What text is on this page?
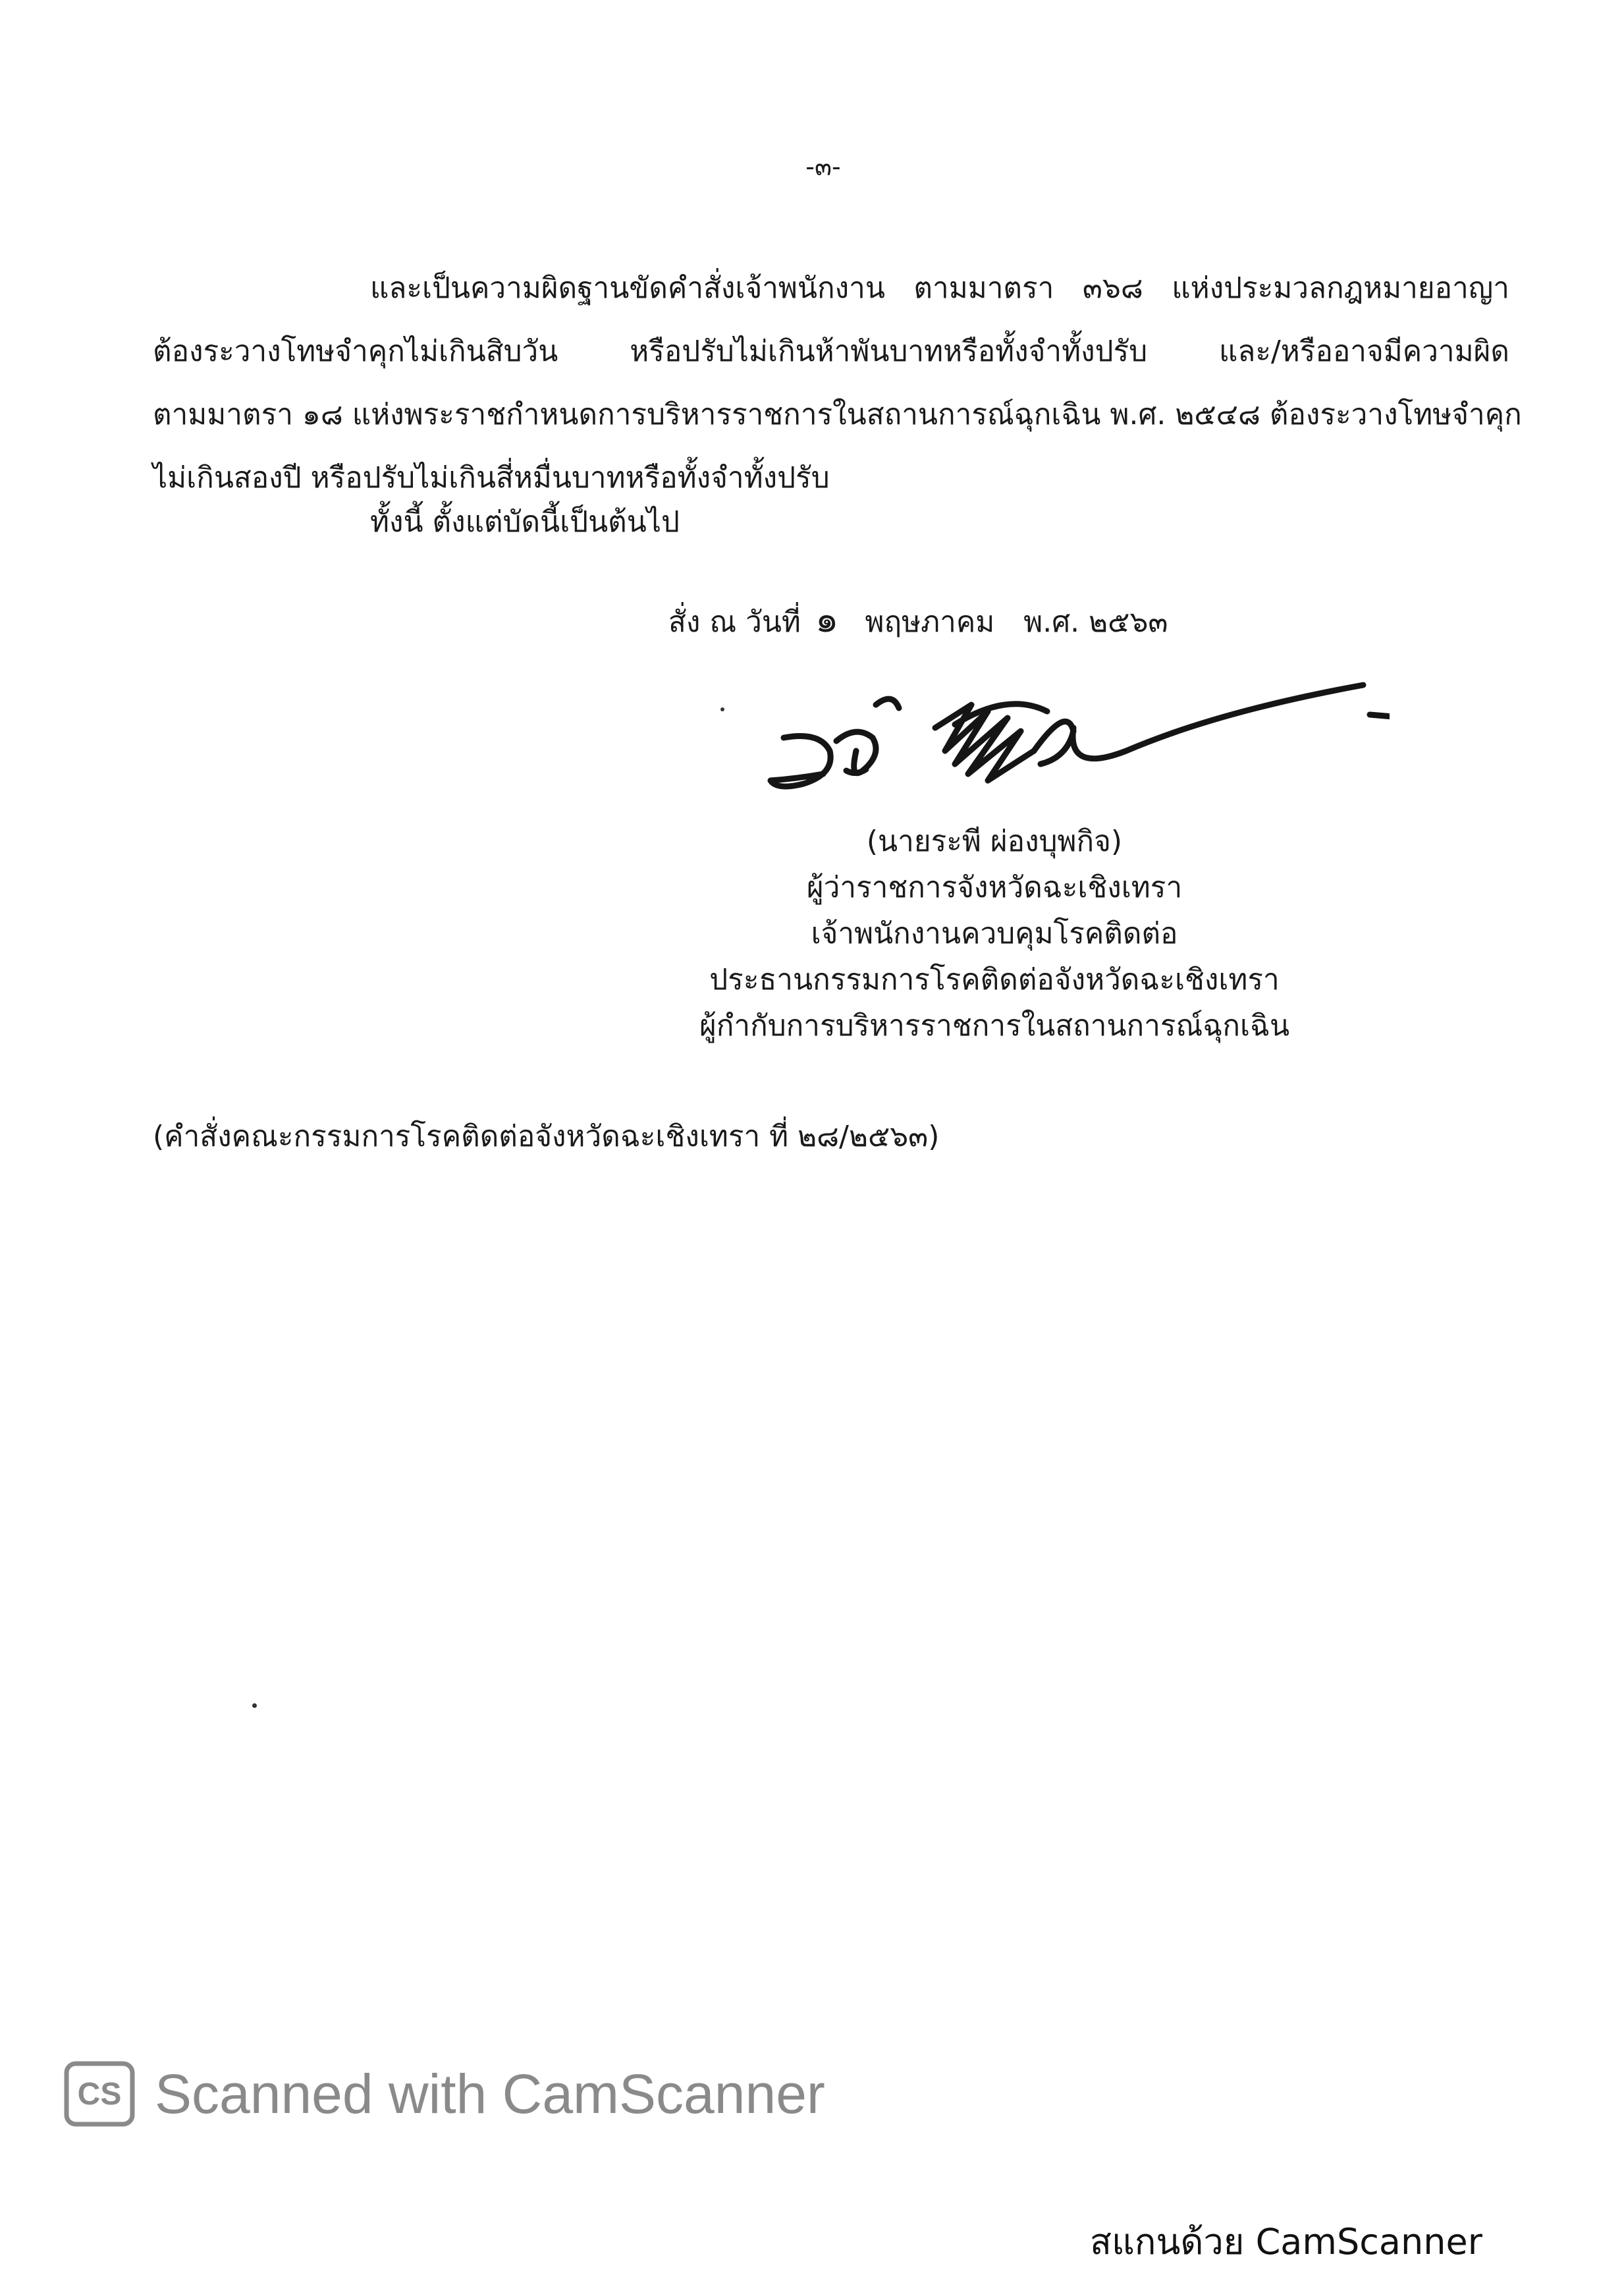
-๓-
และเป็นความผิดฐานขัดคำสั่งเจ้าพนักงาน ตามมาตรา ๓๖๘ แห่งประมวลกฎหมายอาญา
ต้องระวางโทษจำคุกไม่เกินสิบวัน หรือปรับไม่เกินห้าพันบาทหรือทั้งจำทั้งปรับ และ/หรืออาจมีความผิด
ตามมาตรา ๑๘ แห่งพระราชกำหนดการบริหารราชการในสถานการณ์ฉุกเฉิน พ.ศ. ๒๕๔๘ ต้องระวางโทษจำคุก
ไม่เกินสองปี หรือปรับไม่เกินสี่หมื่นบาทหรือทั้งจำทั้งปรับ
ทั้งนี้ ตั้งแต่บัดนี้เป็นต้นไป
สั่ง ณ วันที่ ๑ พฤษภาคม พ.ศ. ๒๕๖๓
(นายระพี ผ่องบุพกิจ)
ผู้ว่าราชการจังหวัดฉะเชิงเทรา
เจ้าพนักงานควบคุมโรคติดต่อ
ประธานกรรมการโรคติดต่อจังหวัดฉะเชิงเทรา
ผู้กำกับการบริหารราชการในสถานการณ์ฉุกเฉิน
(คำสั่งคณะกรรมการโรคติดต่อจังหวัดฉะเชิงเทรา ที่ ๒๘/๒๕๖๓)
CS Scanned with CamScanner
สแกนด้วย CamScanner
